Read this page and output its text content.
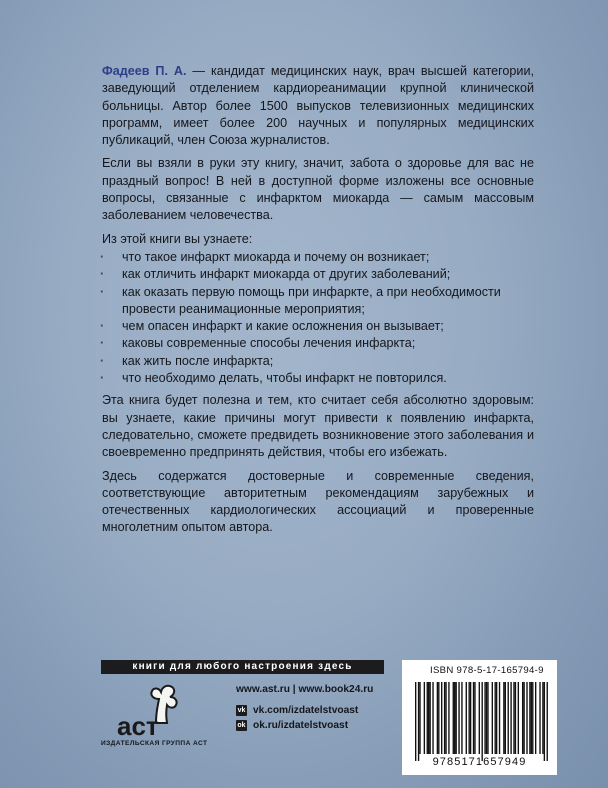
Фадеев П. А. — кандидат медицинских наук, врач высшей категории, заведующий отделением кардиореанимации крупной клинической больницы. Автор более 1500 выпусков телевизионных медицинских программ, имеет более 200 научных и популярных медицинских публикаций, член Союза журналистов.

Если вы взяли в руки эту книгу, значит, забота о здоровье для вас не праздный вопрос! В ней в доступной форме изложены все основные вопросы, связанные с инфарктом миокарда — самым массовым заболеванием человечества.

Из этой книги вы узнаете:

· что такое инфаркт миокарда и почему он возникает;
· как отличить инфаркт миокарда от других заболеваний;
· как оказать первую помощь при инфаркте, а при необходимости провести реанимационные мероприятия;
· чем опасен инфаркт и какие осложнения он вызывает;
· каковы современные способы лечения инфаркта;
· как жить после инфаркта;
· что необходимо делать, чтобы инфаркт не повторился.

Эта книга будет полезна и тем, кто считает себя абсолютно здоровым: вы узнаете, какие причины могут привести к появлению инфаркта, следовательно, сможете предвидеть возникновение этого заболевания и своевременно предпринять действия, чтобы его избежать.

Здесь содержатся достоверные и современные сведения, соответствующие авторитетным рекомендациям зарубежных и отечественных кардиологических ассоциаций и проверенные многолетним опытом автора.

книги для любого настроения здесь
аст
ИЗДАТЕЛЬСКАЯ ГРУППА АСТ
www.ast.ru | www.book24.ru
vk vk.com/izdatelstvoast
ok ok.ru/izdatelstvoast
ISBN 978-5-17-165794-9
9785171657949
